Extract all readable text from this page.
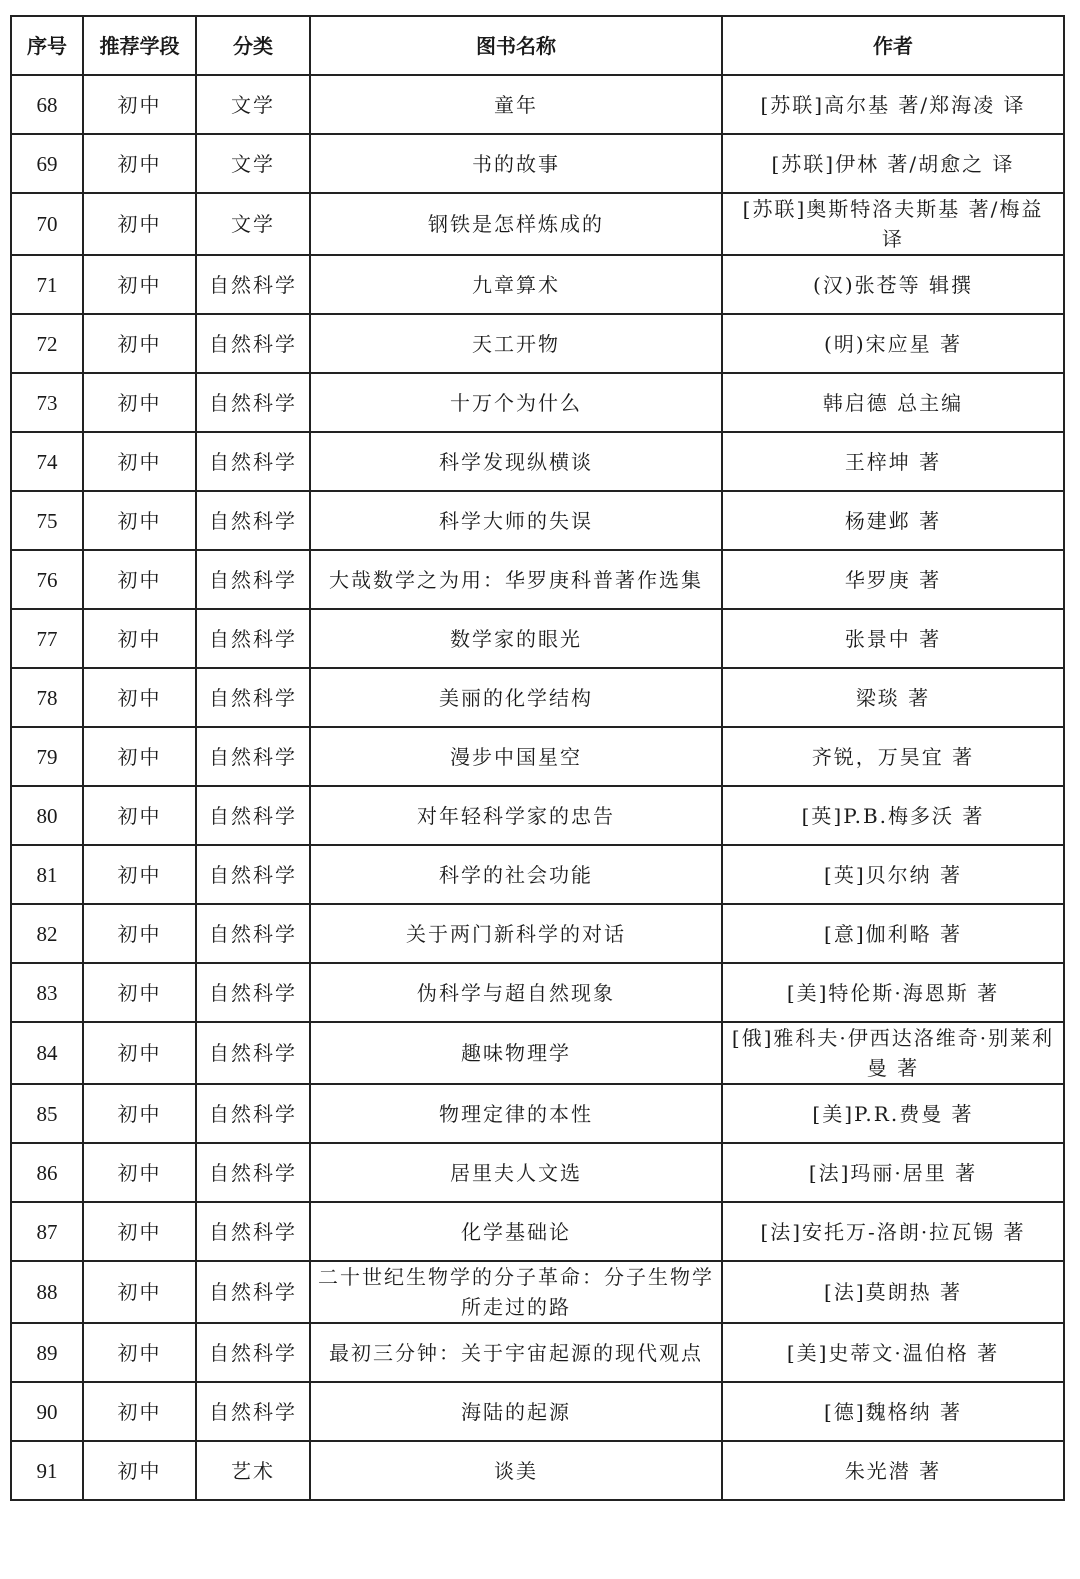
序号	推荐学段	分类	图书名称	作者
68	初中	文学	童年	[苏联]高尔基 著/郑海凌 译
69	初中	文学	书的故事	[苏联]伊林 著/胡愈之 译
70	初中	文学	钢铁是怎样炼成的	[苏联]奥斯特洛夫斯基 著/梅益 译
71	初中	自然科学	九章算术	(汉)张苍等 辑撰
72	初中	自然科学	天工开物	(明)宋应星 著
73	初中	自然科学	十万个为什么	韩启德 总主编
74	初中	自然科学	科学发现纵横谈	王梓坤 著
75	初中	自然科学	科学大师的失误	杨建邺 著
76	初中	自然科学	大哉数学之为用：华罗庚科普著作选集	华罗庚 著
77	初中	自然科学	数学家的眼光	张景中 著
78	初中	自然科学	美丽的化学结构	梁琰 著
79	初中	自然科学	漫步中国星空	齐锐，万昊宜 著
80	初中	自然科学	对年轻科学家的忠告	[英]P.B.梅多沃 著
81	初中	自然科学	科学的社会功能	[英]贝尔纳 著
82	初中	自然科学	关于两门新科学的对话	[意]伽利略 著
83	初中	自然科学	伪科学与超自然现象	[美]特伦斯·海恩斯 著
84	初中	自然科学	趣味物理学	[俄]雅科夫·伊西达洛维奇·别莱利曼 著
85	初中	自然科学	物理定律的本性	[美]P.R.费曼 著
86	初中	自然科学	居里夫人文选	[法]玛丽·居里 著
87	初中	自然科学	化学基础论	[法]安托万-洛朗·拉瓦锡 著
88	初中	自然科学	二十世纪生物学的分子革命：分子生物学所走过的路	[法]莫朗热 著
89	初中	自然科学	最初三分钟：关于宇宙起源的现代观点	[美]史蒂文·温伯格 著
90	初中	自然科学	海陆的起源	[德]魏格纳 著
91	初中	艺术	谈美	朱光潜 著
